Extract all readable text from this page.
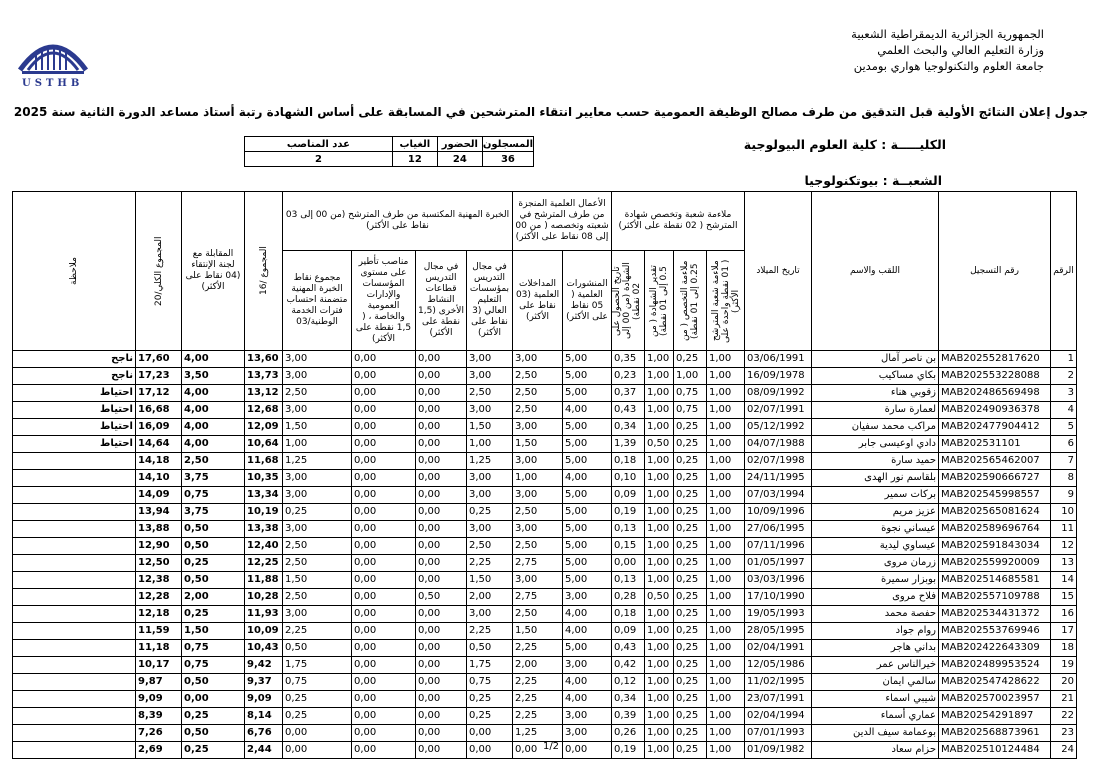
USTHB
الجمهورية الجزائرية الديمقراطية الشعبية
وزارة التعليم العالي والبحث العلمي
جامعة العلوم والتكنولوجيا هواري بومدين
جدول إعلان النتائج الأولية قبل التدقيق من طرف مصالح الوظيفة العمومية حسب معايير انتقاء المترشحين في المسابقة على أساس الشهادة رتبة أستاذ مساعد الدورة الثانية سنة 2025
الكليـــــة : كلية العلوم البيولوجية
الشعبــة : بيوتكنولوجيا
المسجلون	الحضور	الغياب	عدد المناصب
36	24	12	2
الرقم	رقم التسجيل	اللقب والاسم	تاريخ الميلاد	ملاءمة شعبة وتخصص شهادة المترشح ( 02 نقطة على الأكثر)				الأعمال العلمية المنجزة من طرف المترشح في شعبته وتخصصه ( من 00 إلى 08 نقاط على الأكثر)		الخبرة المهنية المكتسبة من طرف المترشح (من 00 إلى 03 نقاط على الأكثر)				المجموع /16	المقابلة مع لجنة الإنتقاء (04 نقاط على الأكثر)	المجموع الكلي/20	ملاحظة

				ملاءمة شعبة المترشح ( 01 نقطة واحدة على الأكثر)	ملاءمة التخصص ( من 0.25 إلى 01 نقطة)	تقدير الشهادة ( من 0.5 إلى 01 نقطة)	تاريخ الحصول على الشهادة (من 00 إلى 02 نقطة)	المنشورات العلمية ( 05 نقاط على الأكثر)	المداخلات العلمية (03 نقاط على الأكثر)	في مجال التدريس بمؤسسات التعليم العالي (3 نقاط على الأكثر)	في مجال التدريس قطاعات النشاط الأخرى (1,5 نقطة على الأكثر)	مناصب تأطير على مستوى المؤسسات والإدارات العمومية والخاصة ، ( 1,5 نقطة على الأكثر)	مجموع نقاط الخبرة المهنية متضمنة احتساب فترات الخدمة الوطنية/03				
1	MAB202552817620	بن ناصر آمال	03/06/1991	1,00	0,25	1,00	0,35	5,00	3,00	3,00	0,00	0,00	3,00	13,60	4,00	17,60	ناجح
2	MAB202553228088	بكاي مساكيب	16/09/1978	1,00	1,00	1,00	0,23	5,00	2,50	3,00	0,00	0,00	3,00	13,73	3,50	17,23	ناجح
3	MAB202486569498	زقوبي هناء	08/09/1992	1,00	0,75	1,00	0,37	5,00	2,50	2,50	0,00	0,00	2,50	13,12	4,00	17,12	احتياط
4	MAB202490936378	لعمارة سارة	02/07/1991	1,00	0,75	1,00	0,43	4,00	2,50	3,00	0,00	0,00	3,00	12,68	4,00	16,68	احتياط
5	MAB202477904412	مراكب محمد سفيان	05/12/1992	1,00	0,25	1,00	0,34	5,00	3,00	1,50	0,00	0,00	1,50	12,09	4,00	16,09	احتياط
6	MAB202531101	دادي اوعيسى جابر	04/07/1988	1,00	0,25	0,50	1,39	5,00	1,50	1,00	0,00	0,00	1,00	10,64	4,00	14,64	احتياط
7	MAB202565462007	حميد سارة	02/07/1998	1,00	0,25	1,00	0,18	5,00	3,00	1,25	0,00	0,00	1,25	11,68	2,50	14,18	
8	MAB202590666727	بلقاسم نور الهدى	24/11/1995	1,00	0,25	1,00	0,10	4,00	1,00	3,00	0,00	0,00	3,00	10,35	3,75	14,10	
9	MAB202545998557	بركات سمير	07/03/1994	1,00	0,25	1,00	0,09	5,00	3,00	3,00	0,00	0,00	3,00	13,34	0,75	14,09	
10	MAB202565081624	عزيز مريم	10/09/1996	1,00	0,25	1,00	0,19	5,00	2,50	0,25	0,00	0,00	0,25	10,19	3,75	13,94	
11	MAB202589696764	عيساني نجوة	27/06/1995	1,00	0,25	1,00	0,13	5,00	3,00	3,00	0,00	0,00	3,00	13,38	0,50	13,88	
12	MAB202591843034	عيساوي ليدية	07/11/1996	1,00	0,25	1,00	0,15	5,00	2,50	2,50	0,00	0,00	2,50	12,40	0,50	12,90	
13	MAB202559920009	زرمان مروى	01/05/1997	1,00	0,25	1,00	0,00	5,00	2,75	2,25	0,00	0,00	2,50	12,25	0,25	12,50	
14	MAB202514685581	بوبزار سميرة	03/03/1996	1,00	0,25	1,00	0,13	5,00	3,00	1,50	0,00	0,00	1,50	11,88	0,50	12,38	
15	MAB202557109788	فلاح مروى	17/10/1990	1,00	0,25	0,50	0,28	3,00	2,75	2,00	0,50	0,00	2,50	10,28	2,00	12,28	
16	MAB202534431372	حفصة محمد	19/05/1993	1,00	0,25	1,00	0,18	4,00	2,50	3,00	0,00	0,00	3,00	11,93	0,25	12,18	
17	MAB202553769946	روام جواد	28/05/1995	1,00	0,25	1,00	0,09	4,00	1,50	2,25	0,00	0,00	2,25	10,09	1,50	11,59	
18	MAB202422643309	بداني هاجر	02/04/1991	1,00	0,25	1,00	0,43	5,00	2,25	0,50	0,00	0,00	0,50	10,43	0,75	11,18	
19	MAB202489953524	خيرالناس عمر	12/05/1986	1,00	0,25	1,00	0,42	3,00	2,00	1,75	0,00	0,00	1,75	9,42	0,75	10,17	
20	MAB202547428622	سالمي ايمان	11/02/1995	1,00	0,25	1,00	0,12	4,00	2,25	0,75	0,00	0,00	0,75	9,37	0,50	9,87	
21	MAB202570023957	شيبي اسماء	23/07/1991	1,00	0,25	1,00	0,34	4,00	2,25	0,25	0,00	0,00	0,25	9,09	0,00	9,09	
22	MAB20254291897	عماري أسماء	02/04/1994	1,00	0,25	1,00	0,39	3,00	2,25	0,25	0,00	0,00	0,25	8,14	0,25	8,39	
23	MAB202568873961	بوعمامة سيف الدين	07/01/1993	1,00	0,25	1,00	0,26	3,00	1,25	0,00	0,00	0,00	0,00	6,76	0,50	7,26	
24	MAB202510124484	حزام سعاد	01/09/1982	1,00	0,25	1,00	0,19	0,00	0,00	0,00	0,00	0,00	0,00	2,44	0,25	2,69		1/2
